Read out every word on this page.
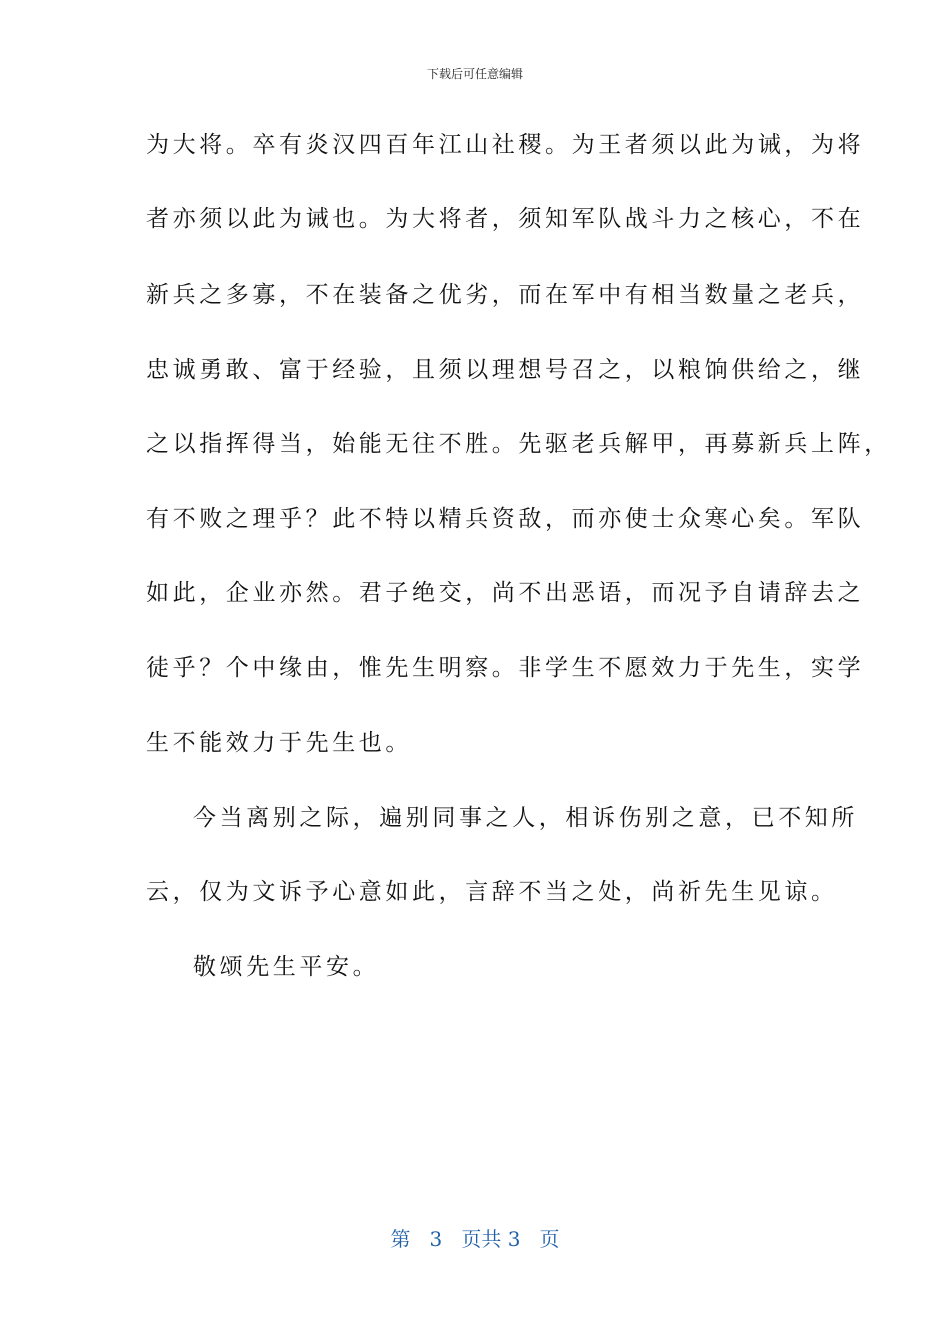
下载后可任意编辑
为大将。卒有炎汉四百年江山社稷。为王者须以此为诫，为将
者亦须以此为诫也。为大将者，须知军队战斗力之核心，不在
新兵之多寡，不在装备之优劣，而在军中有相当数量之老兵，
忠诚勇敢、富于经验，且须以理想号召之，以粮饷供给之，继
之以指挥得当，始能无往不胜。先驱老兵解甲，再募新兵上阵，
有不败之理乎？此不特以精兵资敌，而亦使士众寒心矣。军队
如此，企业亦然。君子绝交，尚不出恶语，而况予自请辞去之
徒乎？个中缘由，惟先生明察。非学生不愿效力于先生，实学
生不能效力于先生也。
今当离别之际，遍别同事之人，相诉伤别之意，已不知所
云，仅为文诉予心意如此，言辞不当之处，尚祈先生见谅。
敬颂先生平安。
第 3 页共 3 页
